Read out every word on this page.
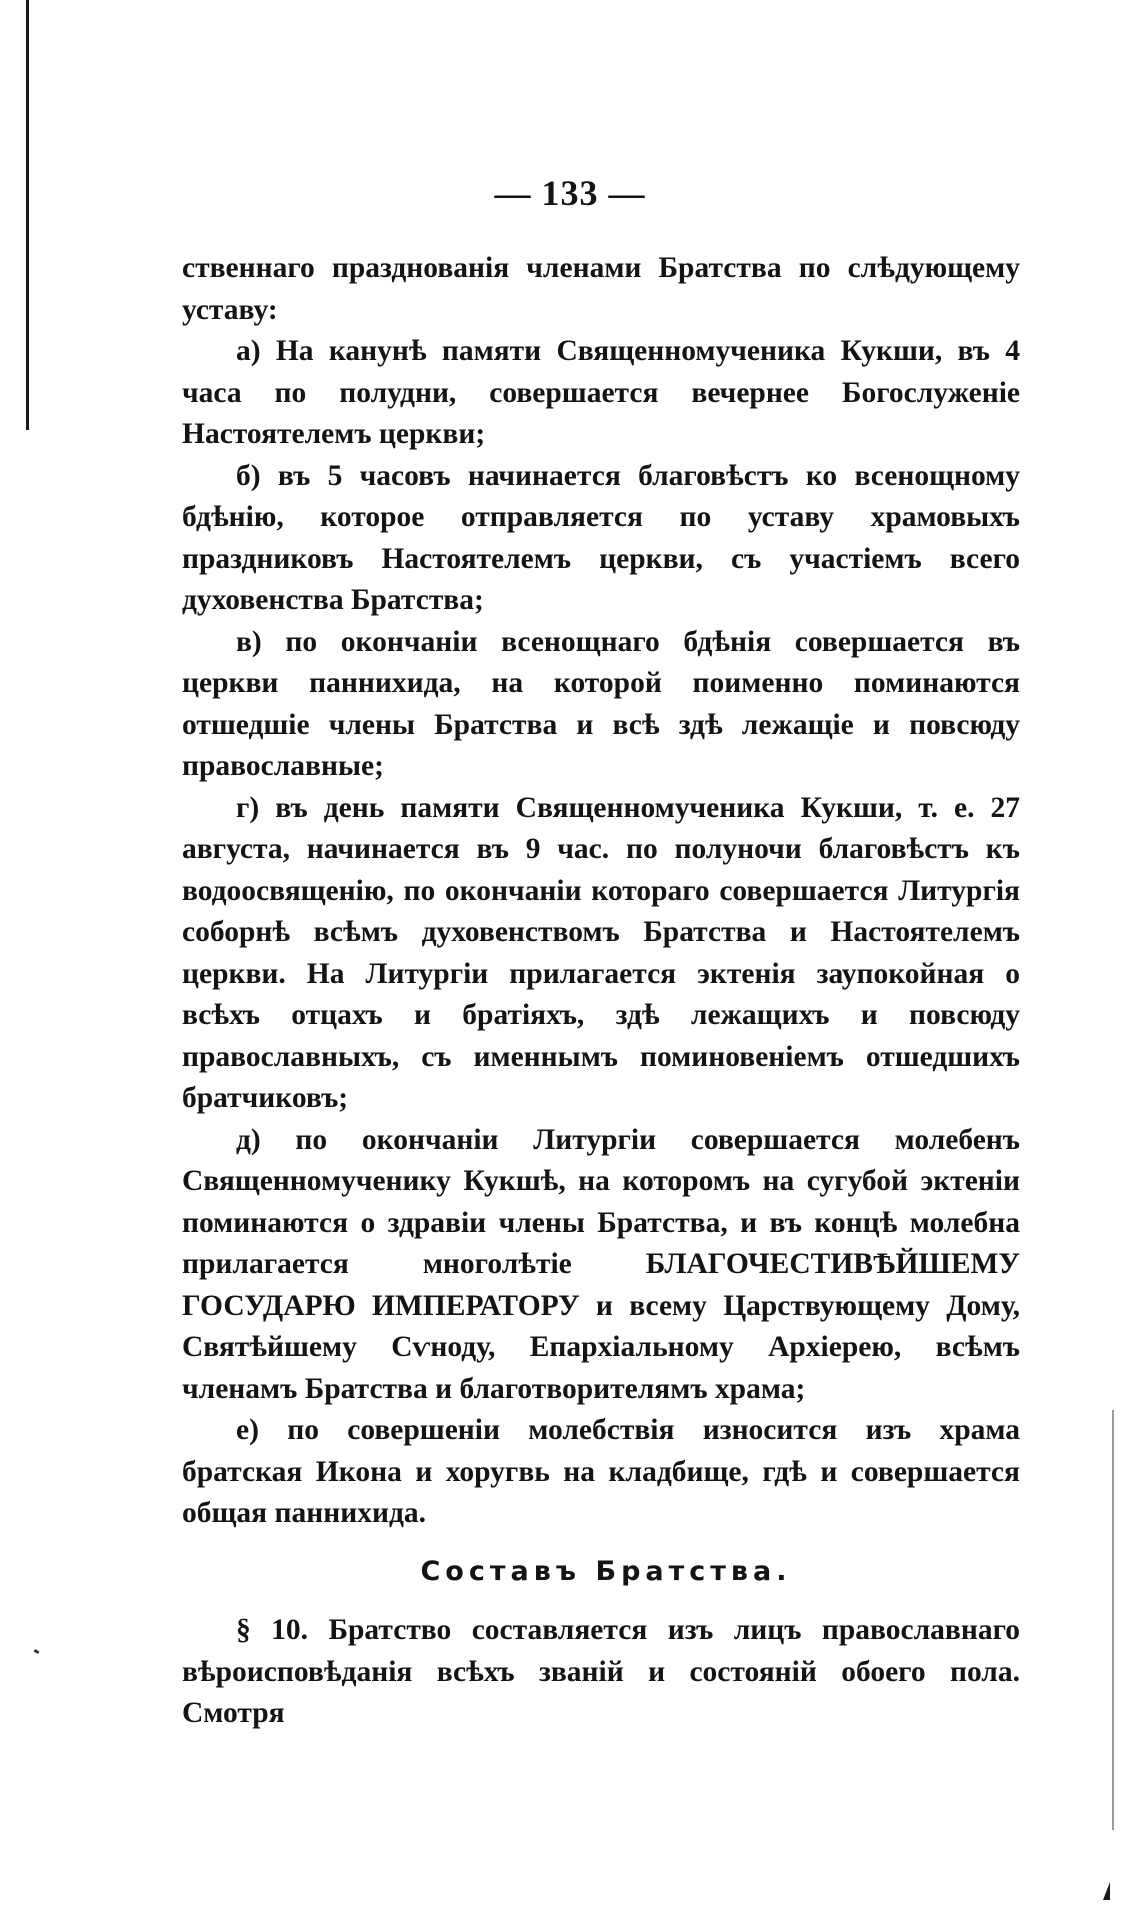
— 133 —

ственнаго празднованія членами Братства по слѣдующему уставу:

а) На канунѣ памяти Священномученика Кукши, въ 4 часа по полудни, совершается вечернее Богослуженіе Настоятелемъ церкви;

б) въ 5 часовъ начинается благовѣстъ ко всенощному бдѣнію, которое отправляется по уставу храмовыхъ праздниковъ Настоятелемъ церкви, съ участіемъ всего духовенства Братства;

в) по окончаніи всенощнаго бдѣнія совершается въ церкви паннихида, на которой поименно поминаются отшедшіе члены Братства и всѣ здѣ лежащіе и повсюду православные;

г) въ день памяти Священномученика Кукши, т. е. 27 августа, начинается въ 9 час. по полуночи благовѣстъ къ водоосвященію, по окончаніи котораго совершается Литургія соборнѣ всѣмъ духовенствомъ Братства и Настоятелемъ церкви. На Литургіи прилагается эктенія заупокойная о всѣхъ отцахъ и братіяхъ, здѣ лежащихъ и повсюду православныхъ, съ именнымъ поминовеніемъ отшедшихъ братчиковъ;

д) по окончаніи Литургіи совершается молебенъ Священномученику Кукшѣ, на которомъ на сугубой эктеніи поминаются о здравіи члены Братства, и въ концѣ молебна прилагается многолѣтіе БЛАГОЧЕСТИВѢЙШЕМУ ГОСУДАРЮ ИМПЕРАТОРУ и всему Царствующему Дому, Святѣйшему Сѵноду, Епархіальному Архіерею, всѣмъ членамъ Братства и благотворителямъ храма;

е) по совершеніи молебствія износится изъ храма братская Икона и хоругвь на кладбище, гдѣ и совершается общая паннихида.

Составъ Братства.

§ 10. Братство составляется изъ лицъ православнаго вѣроисповѣданія всѣхъ званій и состояній обоего пола. Смотря
